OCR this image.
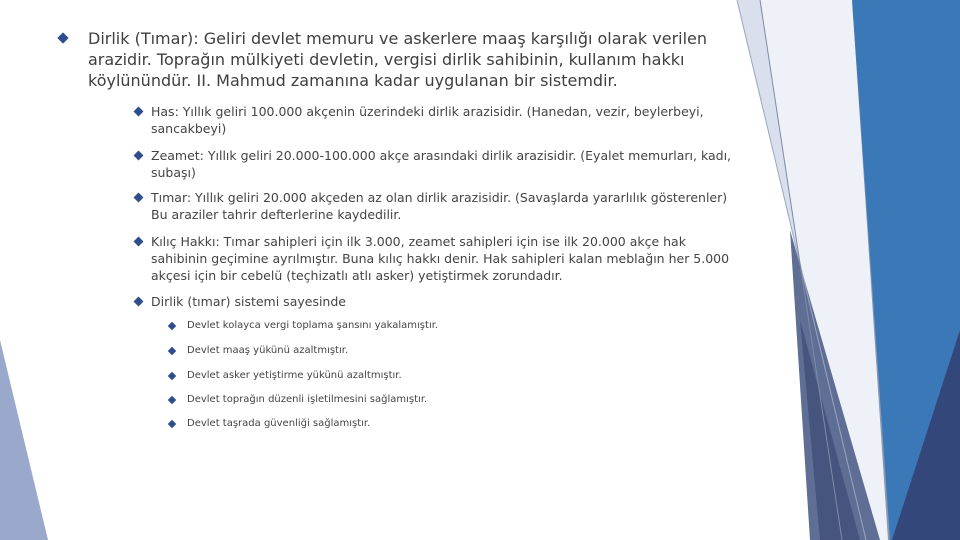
Dirlik (Tımar): Geliri devlet memuru ve askerlere maaş karşılığı olarak verilen arazidir. Toprağın mülkiyeti devletin, vergisi dirlik sahibinin, kullanım hakkı köylünündür. II. Mahmud zamanına kadar uygulanan bir sistemdir.
Has: Yıllık geliri 100.000 akçenin üzerindeki dirlik arazisidir. (Hanedan, vezir, beylerbeyi, sancakbeyi)
Zeamet: Yıllık geliri 20.000-100.000 akçe arasındaki dirlik arazisidir. (Eyalet memurları, kadı, subaşı)
Tımar: Yıllık geliri 20.000 akçeden az olan dirlik arazisidir. (Savaşlarda yararlılık gösterenler) Bu araziler tahrir defterlerine kaydedilir.
Kılıç Hakkı: Tımar sahipleri için ilk 3.000, zeamet sahipleri için ise ilk 20.000 akçe hak sahibinin geçimine ayrılmıştır. Buna kılıç hakkı denir. Hak sahipleri kalan meblağın her 5.000 akçesi için bir cebelü (teçhizatlı atlı asker) yetiştirmek zorundadır.
Dirlik (tımar) sistemi sayesinde
Devlet kolayca vergi toplama şansını yakalamıştır.
Devlet maaş yükünü azaltmıştır.
Devlet asker yetiştirme yükünü azaltmıştır.
Devlet toprağın düzenli işletilmesini sağlamıştır.
Devlet taşrada güvenliği sağlamıştır.
